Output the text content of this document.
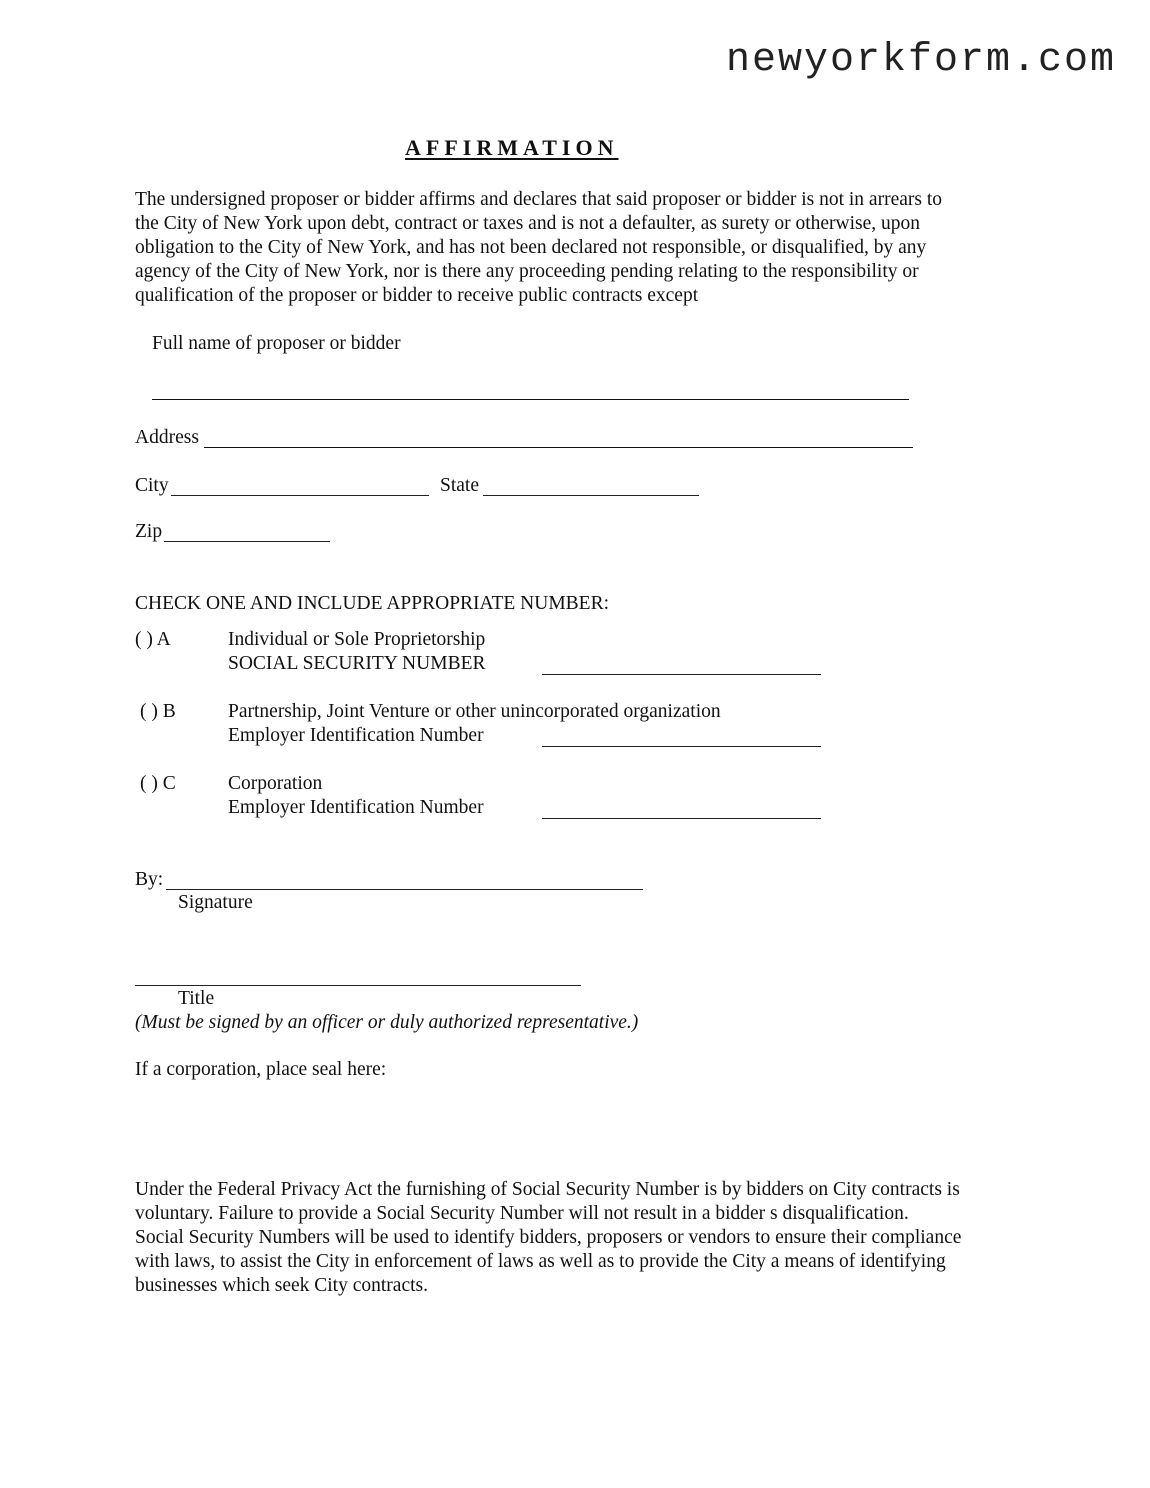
newyorkform.com
AFFIRMATION
The undersigned proposer or bidder affirms and declares that said proposer or bidder is not in arrears to
the City of New York upon debt, contract or taxes and is not a defaulter, as surety or otherwise, upon
obligation to the City of New York, and has not been declared not responsible, or disqualified, by any
agency of the City of New York, nor is there any proceeding pending relating to the responsibility or
qualification of the proposer or bidder to receive public contracts except
Full name of proposer or bidder
Address
City	State
Zip
CHECK ONE AND INCLUDE APPROPRIATE NUMBER:
( ) A	Individual or Sole Proprietorship
SOCIAL SECURITY NUMBER
( ) B	Partnership, Joint Venture or other unincorporated organization
Employer Identification Number
( ) C	Corporation
Employer Identification Number
By:
Signature
Title
(Must be signed by an officer or duly authorized representative.)
If a corporation, place seal here:
Under the Federal Privacy Act the furnishing of Social Security Number is by bidders on City contracts is
voluntary. Failure to provide a Social Security Number will not result in a bidder s disqualification.
Social Security Numbers will be used to identify bidders, proposers or vendors to ensure their compliance
with laws, to assist the City in enforcement of laws as well as to provide the City a means of identifying
businesses which seek City contracts.
